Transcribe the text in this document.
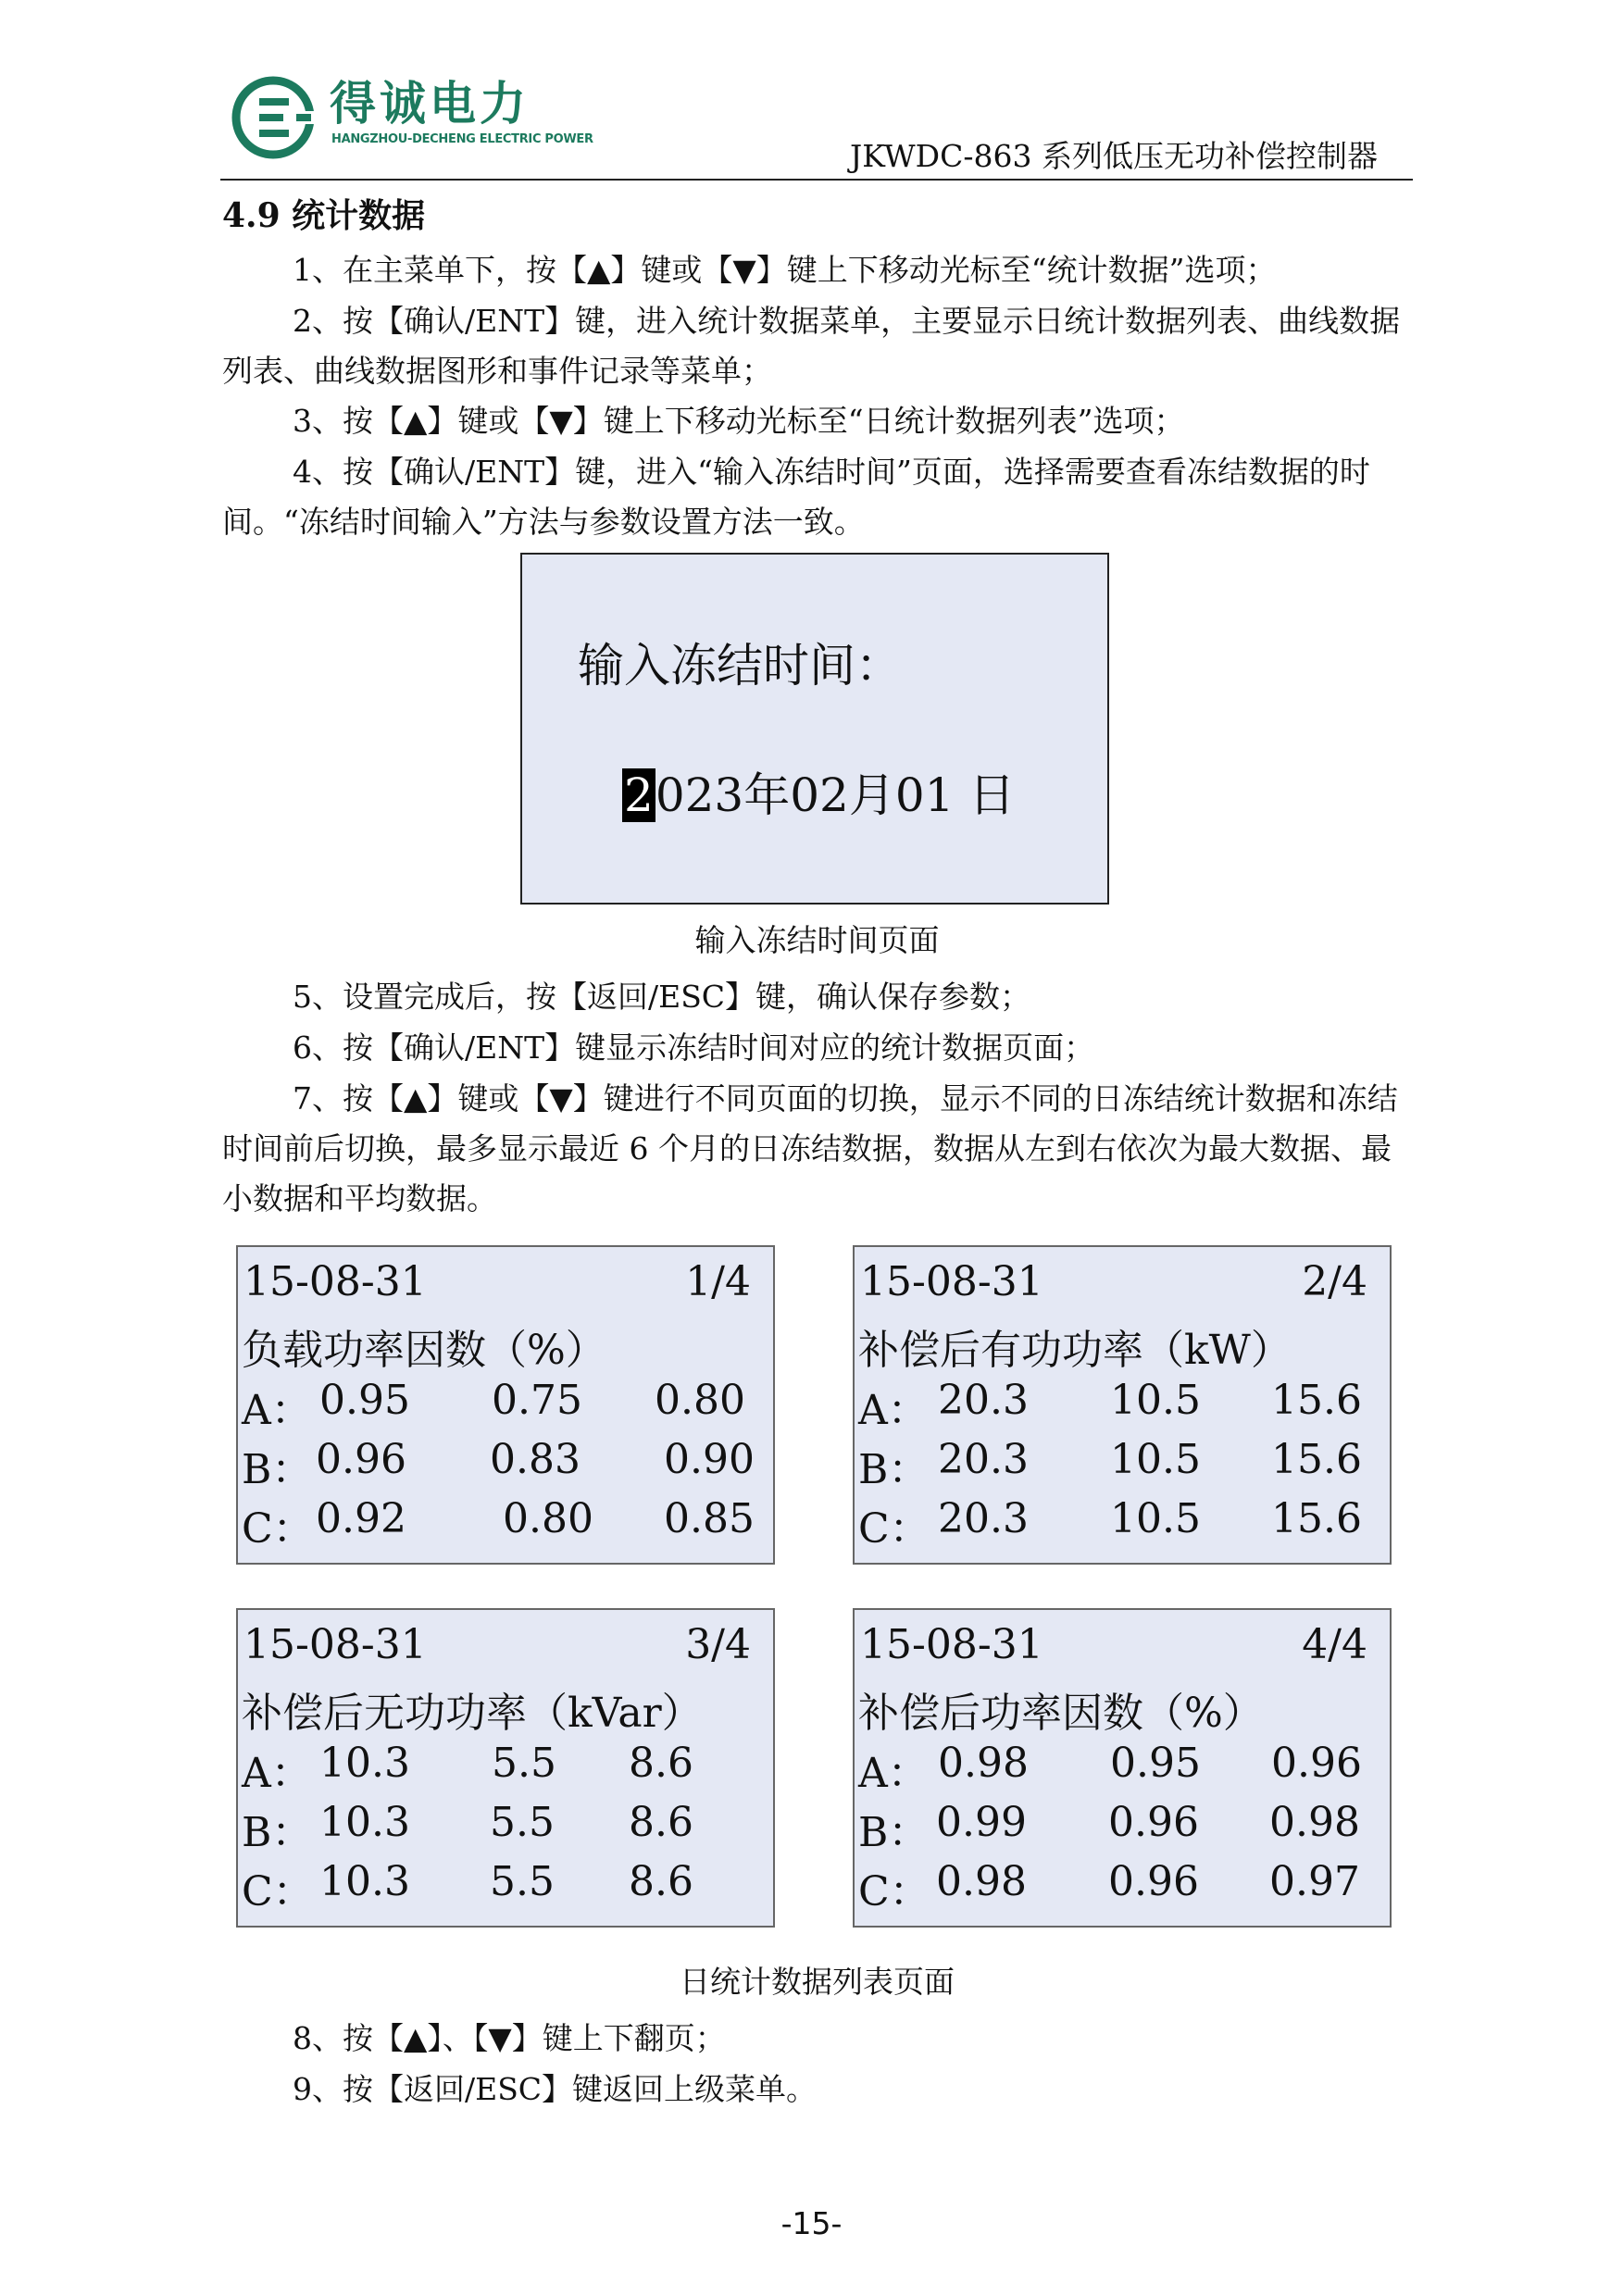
得诚电力
HANGZHOU-DECHENG ELECTRIC POWER	JKWDC-863 系列低压无功补偿控制器
4.9 统计数据

1、在主菜单下，按【▲】键或【▼】键上下移动光标至“统计数据”选项；

2、按【确认/ENT】键，进入统计数据菜单，主要显示日统计数据列表、曲线数据列表、曲线数据图形和事件记录等菜单；

3、按【▲】键或【▼】键上下移动光标至“日统计数据列表”选项；

4、按【确认/ENT】键，进入“输入冻结时间”页面，选择需要查看冻结数据的时间。“冻结时间输入”方法与参数设置方法一致。

输入冻结时间：
2023年02月01 日
输入冻结时间页面

5、设置完成后，按【返回/ESC】键，确认保存参数；

6、按【确认/ENT】键显示冻结时间对应的统计数据页面；

7、按【▲】键或【▼】键进行不同页面的切换，显示不同的日冻结统计数据和冻结时间前后切换，最多显示最近 6 个月的日冻结数据，数据从左到右依次为最大数据、最小数据和平均数据。

15-08-31	1/4
负载功率因数（%）
A： 0.95 0.75 0.80
B： 0.96 0.83 0.90
C： 0.92 0.80 0.85
15-08-31	2/4
补偿后有功功率（kW）
A： 20.3 10.5 15.6
B： 20.3 10.5 15.6
C： 20.3 10.5 15.6
15-08-31	3/4
补偿后无功功率（kVar）
A： 10.3 5.5 8.6
B： 10.3 5.5 8.6
C： 10.3 5.5 8.6
15-08-31	4/4
补偿后功率因数（%）
A： 0.98 0.95 0.96
B： 0.99 0.96 0.98
C： 0.98 0.96 0.97
日统计数据列表页面

8、按【▲】、【▼】键上下翻页；

9、按【返回/ESC】键返回上级菜单。

-15-
